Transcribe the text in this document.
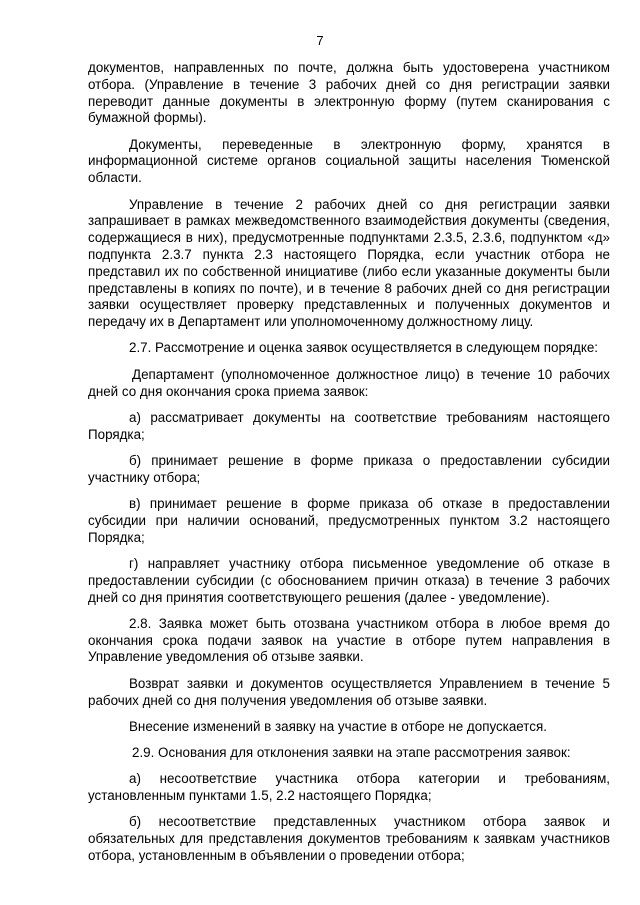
7

документов, направленных по почте, должна быть удостоверена участником отбора. (Управление в течение 3 рабочих дней со дня регистрации заявки переводит данные документы в электронную форму (путем сканирования с бумажной формы).

Документы, переведенные в электронную форму, хранятся в информационной системе органов социальной защиты населения Тюменской области.

Управление в течение 2 рабочих дней со дня регистрации заявки запрашивает в рамках межведомственного взаимодействия документы (сведения, содержащиеся в них), предусмотренные подпунктами 2.3.5, 2.3.6, подпунктом «д» подпункта 2.3.7 пункта 2.3 настоящего Порядка, если участник отбора не представил их по собственной инициативе (либо если указанные документы были представлены в копиях по почте), и в течение 8 рабочих дней со дня регистрации заявки осуществляет проверку представленных и полученных документов и передачу их в Департамент или уполномоченному должностному лицу.

2.7. Рассмотрение и оценка заявок осуществляется в следующем порядке:

Департамент (уполномоченное должностное лицо) в течение 10 рабочих дней со дня окончания срока приема заявок:

а) рассматривает документы на соответствие требованиям настоящего Порядка;

б) принимает решение в форме приказа о предоставлении субсидии участнику отбора;

в) принимает решение в форме приказа об отказе в предоставлении субсидии при наличии оснований, предусмотренных пунктом 3.2 настоящего Порядка;

г) направляет участнику отбора письменное уведомление об отказе в предоставлении субсидии (с обоснованием причин отказа) в течение 3 рабочих дней со дня принятия соответствующего решения (далее - уведомление).

2.8. Заявка может быть отозвана участником отбора в любое время до окончания срока подачи заявок на участие в отборе путем направления в Управление уведомления об отзыве заявки.

Возврат заявки и документов осуществляется Управлением в течение 5 рабочих дней со дня получения уведомления об отзыве заявки.

Внесение изменений в заявку на участие в отборе не допускается.

2.9. Основания для отклонения заявки на этапе рассмотрения заявок:

а) несоответствие участника отбора категории и требованиям, установленным пунктами 1.5, 2.2 настоящего Порядка;

б) несоответствие представленных участником отбора заявок и обязательных для представления документов требованиям к заявкам участников отбора, установленным в объявлении о проведении отбора;
